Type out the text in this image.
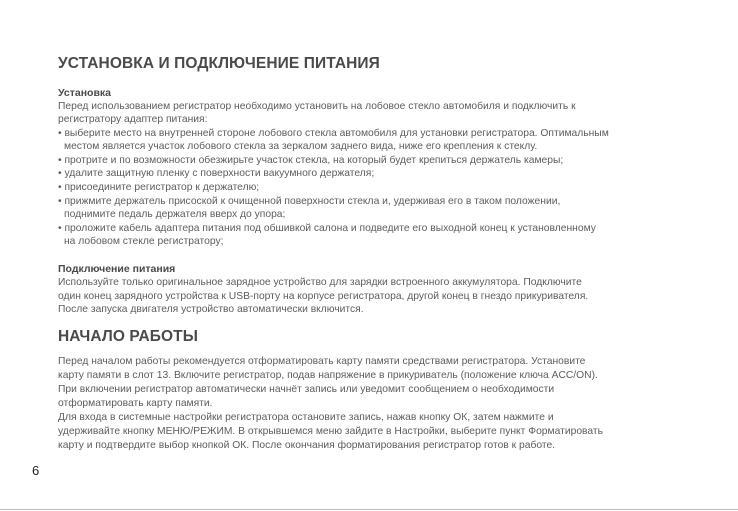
УСТАНОВКА И ПОДКЛЮЧЕНИЕ ПИТАНИЯ
Установка
Перед использованием регистратор необходимо установить на лобовое стекло автомобиля и подключить к
регистратору адаптер питания:
• выберите место на внутренней стороне лобового стекла автомобиля для установки регистратора. Оптимальным
местом является участок лобового стекла за зеркалом заднего вида, ниже его крепления к стеклу.
• протрите и по возможности обезжирьте участок стекла, на который будет крепиться держатель камеры;
• удалите защитную пленку с поверхности вакуумного держателя;
• присоедините регистратор к держателю;
• прижмите держатель присоской к очищенной поверхности стекла и, удерживая его в таком положении,
поднимите педаль держателя вверх до упора;
• проложите кабель адаптера питания под обшивкой салона и подведите его выходной конец к установленному
на лобовом стекле регистратору;
Подключение питания
Используйте только оригинальное зарядное устройство для зарядки встроенного аккумулятора. Подключите
один конец зарядного устройства к USB-порту на корпусе регистратора, другой конец в гнездо прикуривателя.
После запуска двигателя устройство автоматически включится.
НАЧАЛО РАБОТЫ
Перед началом работы рекомендуется отформатировать карту памяти средствами регистратора. Установите
карту памяти в слот 13. Включите регистратор, подав напряжение в прикуриватель (положение ключа ACC/ON).
При включении регистратор автоматически начнёт запись или уведомит сообщением о необходимости
отформатировать карту памяти.
Для входа в системные настройки регистратора остановите запись, нажав кнопку ОК, затем нажмите и
удерживайте кнопку МЕНЮ/РЕЖИМ. В открывшемся меню зайдите в Настройки, выберите пункт Форматировать
карту и подтвердите выбор кнопкой ОК. После окончания форматирования регистратор готов к работе.
6
